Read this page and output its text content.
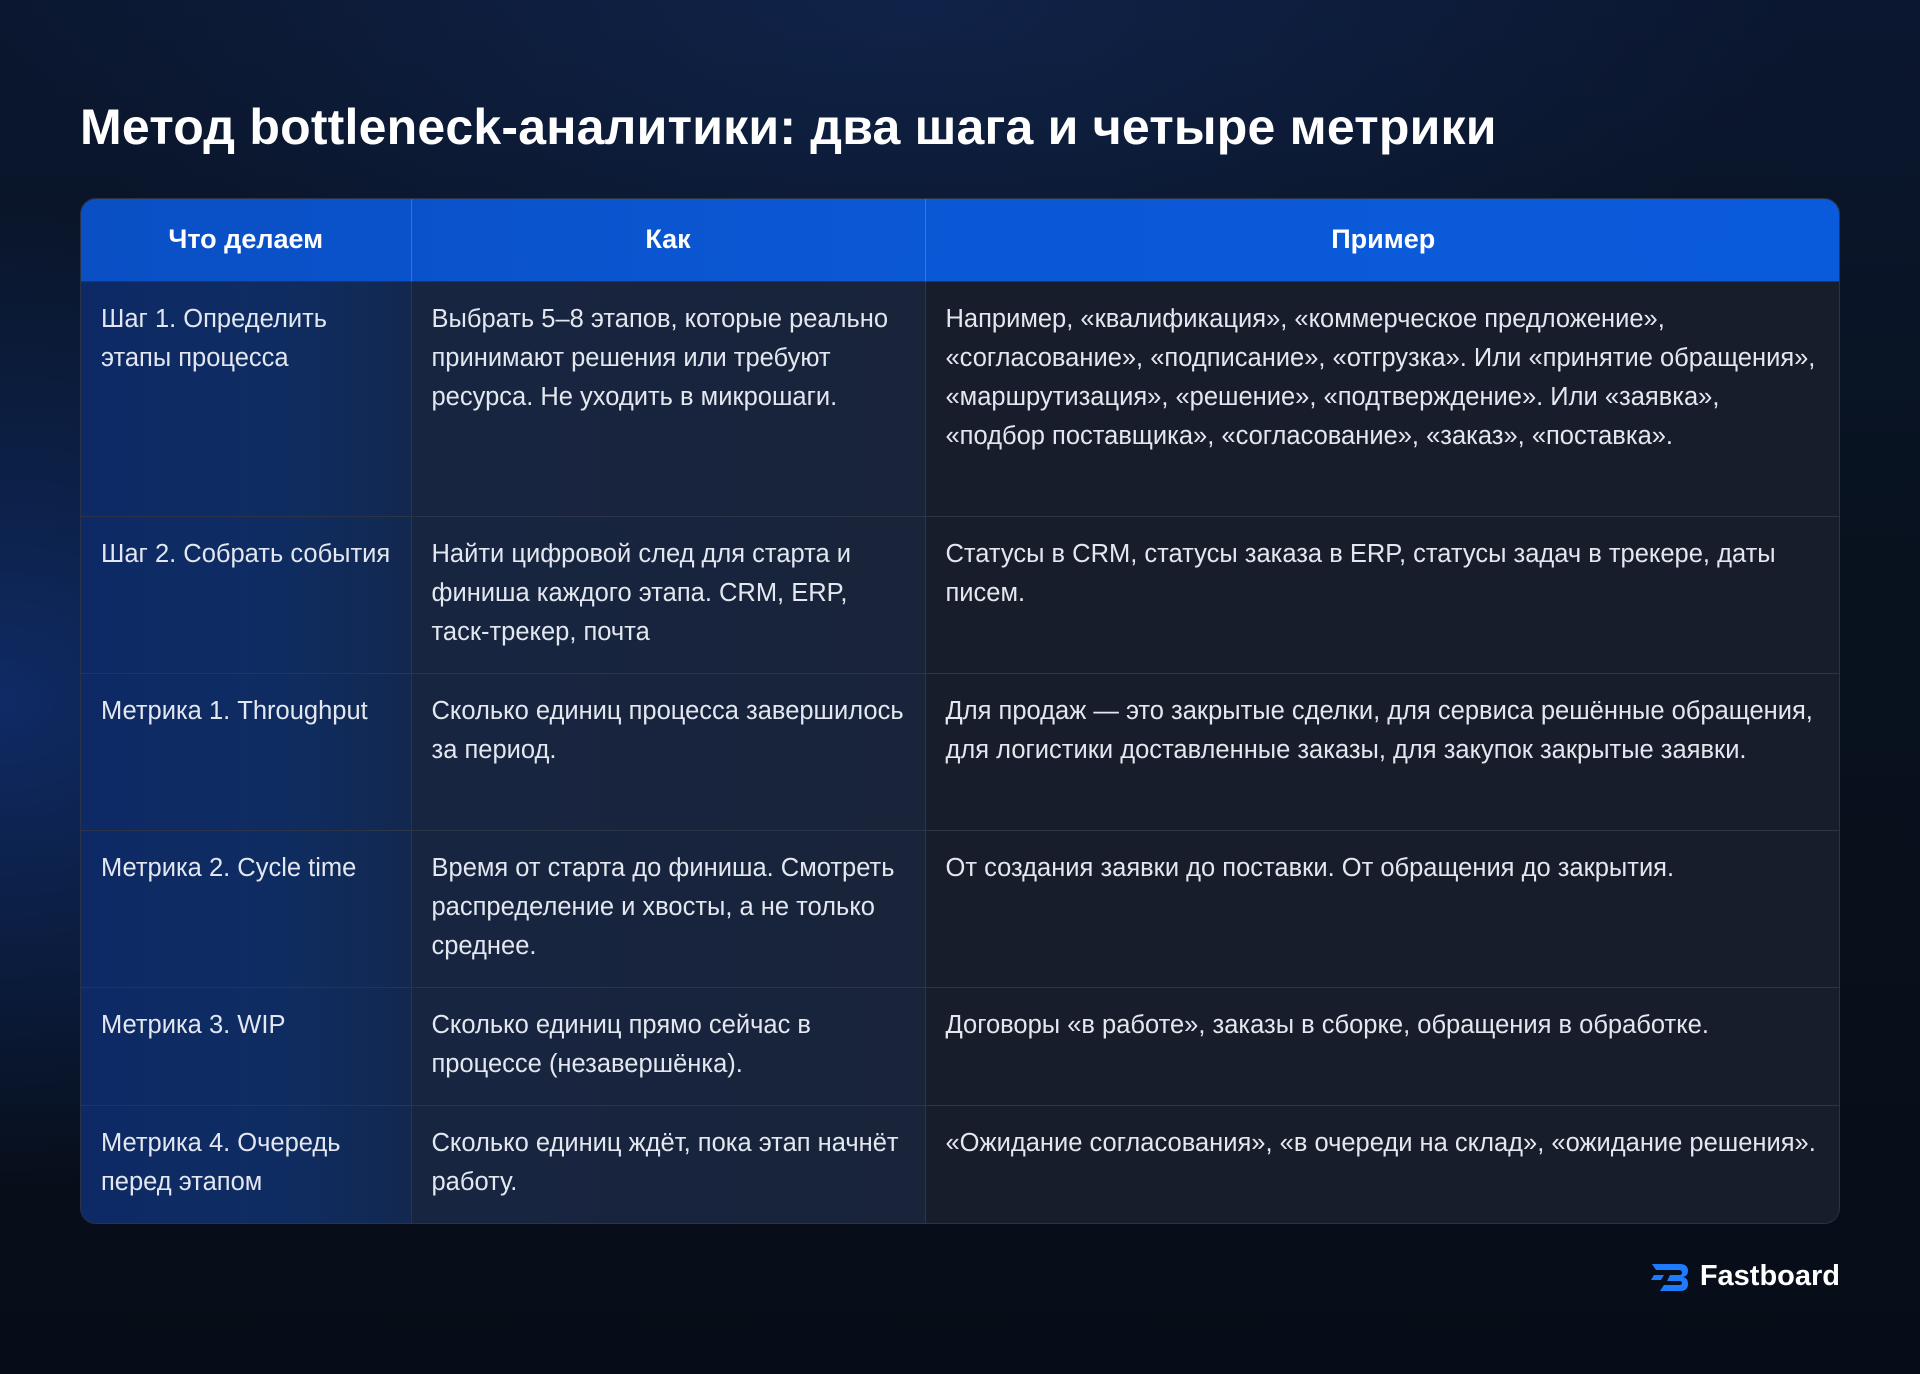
Метод bottleneck-аналитики: два шага и четыре метрики
Что делаем	Как	Пример
Шаг 1. Определить этапы процесса	Выбрать 5–8 этапов, которые реально принимают решения или требуют ресурса. Не уходить в микрошаги.	Например, «квалификация», «коммерческое предложение», «согласование», «подписание», «отгрузка». Или «принятие обращения», «маршрутизация», «решение», «подтверждение». Или «заявка», «подбор поставщика», «согласование», «заказ», «поставка».
Шаг 2. Собрать события	Найти цифровой след для старта и финиша каждого этапа. CRM, ERP, таск-трекер, почта	Статусы в CRM, статусы заказа в ERP, статусы задач в трекере, даты писем.
Метрика 1. Throughput	Сколько единиц процесса завершилось за период.	Для продаж — это закрытые сделки, для сервиса решённые обращения, для логистики доставленные заказы, для закупок закрытые заявки.
Метрика 2. Cycle time	Время от старта до финиша. Смотреть распределение и хвосты, а не только среднее.	От создания заявки до поставки. От обращения до закрытия.
Метрика 3. WIP	Сколько единиц прямо сейчас в процессе (незавершёнка).	Договоры «в работе», заказы в сборке, обращения в обработке.
Метрика 4. Очередь перед этапом	Сколько единиц ждёт, пока этап начнёт работу.	«Ожидание согласования», «в очереди на склад», «ожидание решения».
Fastboard
